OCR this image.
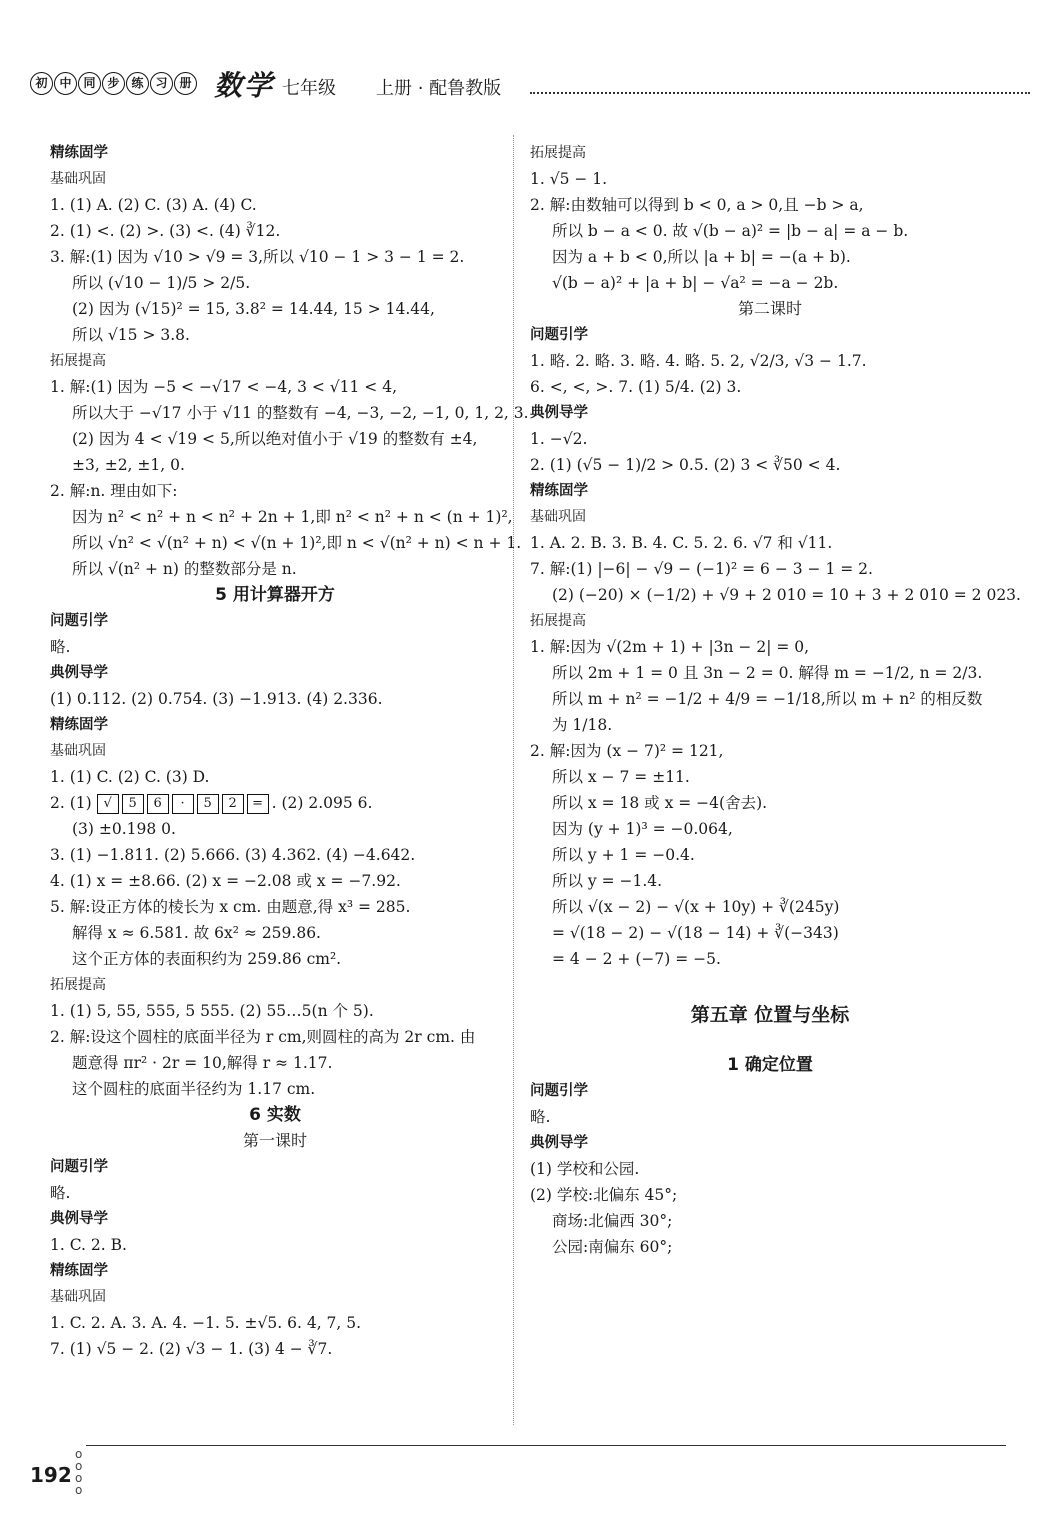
初 中 同 步 练 习 册 数学 七年级 上册 · 配鲁教版
精练固学
基础巩固
1. (1) A. (2) C. (3) A. (4) C.
2. (1) <. (2) >. (3) <. (4) ∛12.
3. 解:(1) 因为 √10 > √9 = 3,所以 √10 − 1 > 3 − 1 = 2.
所以 (√10 − 1)/5 > 2/5.
(2) 因为 (√15)² = 15, 3.8² = 14.44, 15 > 14.44,
所以 √15 > 3.8.
拓展提高
1. 解:(1) 因为 −5 < −√17 < −4, 3 < √11 < 4,
所以大于 −√17 小于 √11 的整数有 −4, −3, −2, −1, 0, 1, 2, 3.
(2) 因为 4 < √19 < 5,所以绝对值小于 √19 的整数有 ±4,
±3, ±2, ±1, 0.
2. 解:n. 理由如下:
因为 n² < n² + n < n² + 2n + 1,即 n² < n² + n < (n + 1)²,
所以 √n² < √(n² + n) < √(n + 1)²,即 n < √(n² + n) < n + 1.
所以 √(n² + n) 的整数部分是 n.
5 用计算器开方
问题引学
略.
典例导学
(1) 0.112. (2) 0.754. (3) −1.913. (4) 2.336.
精练固学
基础巩固
1. (1) C. (2) C. (3) D.
2. (1) √ 5 6 · 5 2 = . (2) 2.095 6.
(3) ±0.198 0.
3. (1) −1.811. (2) 5.666. (3) 4.362. (4) −4.642.
4. (1) x = ±8.66. (2) x = −2.08 或 x = −7.92.
5. 解:设正方体的棱长为 x cm. 由题意,得 x³ = 285.
解得 x ≈ 6.581. 故 6x² ≈ 259.86.
这个正方体的表面积约为 259.86 cm².
拓展提高
1. (1) 5, 55, 555, 5 555. (2) 55…5(n 个 5).
2. 解:设这个圆柱的底面半径为 r cm,则圆柱的高为 2r cm. 由
题意得 πr² · 2r = 10,解得 r ≈ 1.17.
这个圆柱的底面半径约为 1.17 cm.
6 实数
第一课时
问题引学
略.
典例导学
1. C. 2. B.
精练固学
基础巩固
1. C. 2. A. 3. A. 4. −1. 5. ±√5. 6. 4, 7, 5.
7. (1) √5 − 2. (2) √3 − 1. (3) 4 − ∛7.
拓展提高
1. √5 − 1.
2. 解:由数轴可以得到 b < 0, a > 0,且 −b > a,
所以 b − a < 0. 故 √(b − a)² = |b − a| = a − b.
因为 a + b < 0,所以 |a + b| = −(a + b).
√(b − a)² + |a + b| − √a² = −a − 2b.
第二课时
问题引学
1. 略. 2. 略. 3. 略. 4. 略. 5. 2, √2/3, √3 − 1.7.
6. <, <, >. 7. (1) 5/4. (2) 3.
典例导学
1. −√2.
2. (1) (√5 − 1)/2 > 0.5. (2) 3 < ∛50 < 4.
精练固学
基础巩固
1. A. 2. B. 3. B. 4. C. 5. 2. 6. √7 和 √11.
7. 解:(1) |−6| − √9 − (−1)² = 6 − 3 − 1 = 2.
(2) (−20) × (−1/2) + √9 + 2 010 = 10 + 3 + 2 010 = 2 023.
拓展提高
1. 解:因为 √(2m + 1) + |3n − 2| = 0,
所以 2m + 1 = 0 且 3n − 2 = 0. 解得 m = −1/2, n = 2/3.
所以 m + n² = −1/2 + 4/9 = −1/18,所以 m + n² 的相反数
为 1/18.
2. 解:因为 (x − 7)² = 121,
所以 x − 7 = ±11.
所以 x = 18 或 x = −4(舍去).
因为 (y + 1)³ = −0.064,
所以 y + 1 = −0.4.
所以 y = −1.4.
所以 √(x − 2) − √(x + 10y) + ∛(245y)
= √(18 − 2) − √(18 − 14) + ∛(−343)
= 4 − 2 + (−7) = −5.
第五章 位置与坐标
1 确定位置
问题引学
略.
典例导学
(1) 学校和公园.
(2) 学校:北偏东 45°;
商场:北偏西 30°;
公园:南偏东 60°;
o
o
o
o
192
